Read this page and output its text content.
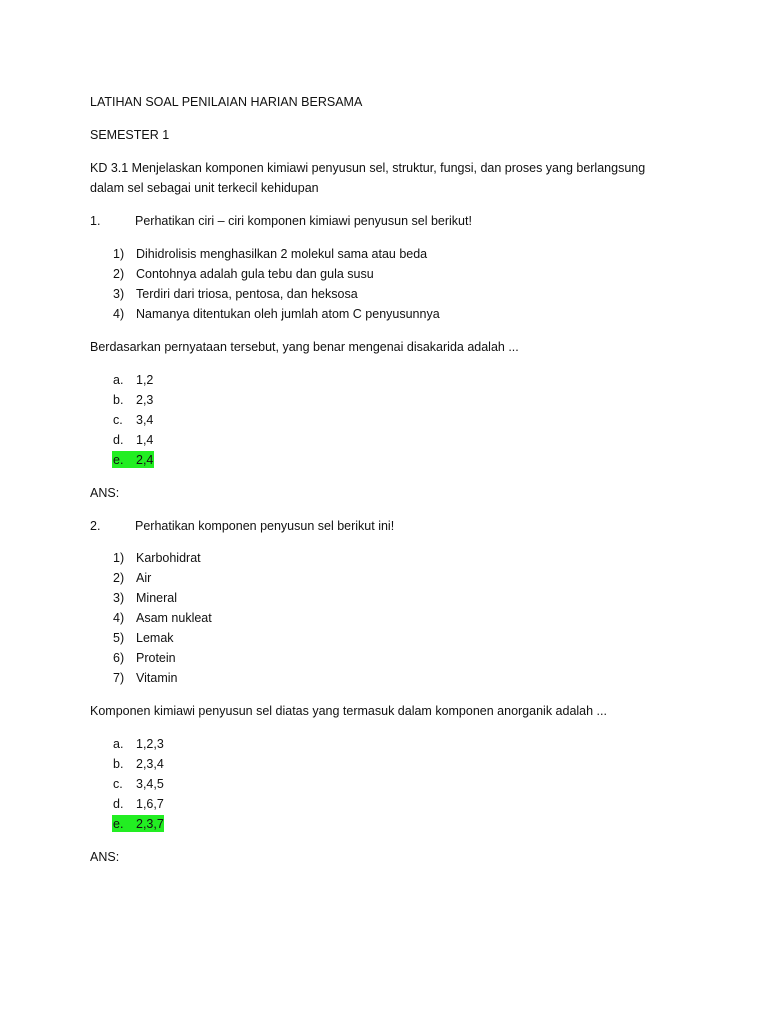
LATIHAN SOAL PENILAIAN HARIAN BERSAMA
SEMESTER 1
KD 3.1 Menjelaskan komponen kimiawi penyusun sel, struktur, fungsi, dan proses yang berlangsung
dalam sel sebagai unit terkecil kehidupan
1.	Perhatikan ciri – ciri komponen kimiawi penyusun sel berikut!
1) Dihidrolisis menghasilkan 2 molekul sama atau beda
2) Contohnya adalah gula tebu dan gula susu
3) Terdiri dari triosa, pentosa, dan heksosa
4) Namanya ditentukan oleh jumlah atom C penyusunnya
Berdasarkan pernyataan tersebut, yang benar mengenai disakarida adalah ...
a. 1,2
b. 2,3
c. 3,4
d. 1,4
e. 2,4
ANS:
2.	Perhatikan komponen penyusun sel berikut ini!
1) Karbohidrat
2) Air
3) Mineral
4) Asam nukleat
5) Lemak
6) Protein
7) Vitamin
Komponen kimiawi penyusun sel diatas yang termasuk dalam komponen anorganik adalah ...
a. 1,2,3
b. 2,3,4
c. 3,4,5
d. 1,6,7
e. 2,3,7
ANS:
